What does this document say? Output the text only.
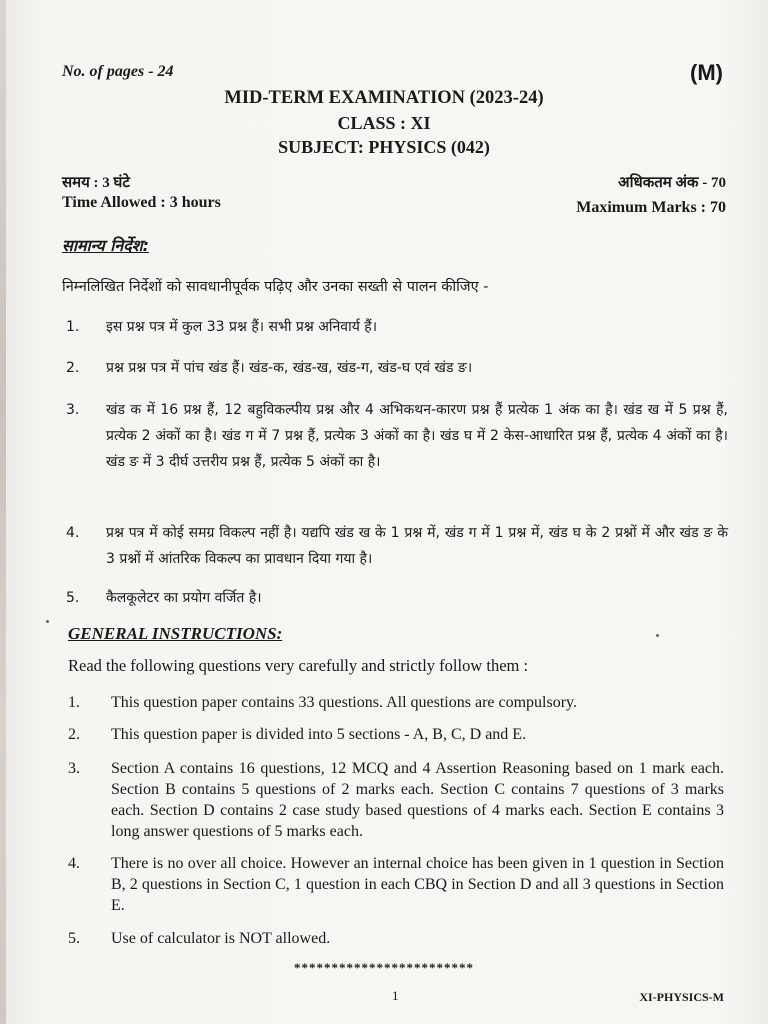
No. of pages - 24	(M)
MID-TERM EXAMINATION (2023-24)
CLASS : XI
SUBJECT: PHYSICS (042)
समय : 3 घंटे
Time Allowed : 3 hours
अधिकतम अंक - 70
Maximum Marks : 70
सामान्य निर्देश:
निम्नलिखित निर्देशों को सावधानीपूर्वक पढ़िए और उनका सख्ती से पालन कीजिए -
1. इस प्रश्न पत्र में कुल 33 प्रश्न हैं। सभी प्रश्न अनिवार्य हैं।
2. प्रश्न प्रश्न पत्र में पांच खंड हैं। खंड-क, खंड-ख, खंड-ग, खंड-घ एवं खंड ङ।
3. खंड क में 16 प्रश्न हैं, 12 बहुविकल्पीय प्रश्न और 4 अभिकथन-कारण प्रश्न हैं प्रत्येक 1 अंक का है। खंड ख में 5 प्रश्न हैं, प्रत्येक 2 अंकों का है। खंड ग में 7 प्रश्न हैं, प्रत्येक 3 अंकों का है। खंड घ में 2 केस-आधारित प्रश्न हैं, प्रत्येक 4 अंकों का है। खंड ङ में 3 दीर्घ उत्तरीय प्रश्न हैं, प्रत्येक 5 अंकों का है।
4. प्रश्न पत्र में कोई समग्र विकल्प नहीं है। यद्यपि खंड ख के 1 प्रश्न में, खंड ग में 1 प्रश्न में, खंड घ के 2 प्रश्नों में और खंड ङ के 3 प्रश्नों में आंतरिक विकल्प का प्रावधान दिया गया है।
5. कैलकूलेटर का प्रयोग वर्जित है।
GENERAL INSTRUCTIONS:
Read the following questions very carefully and strictly follow them :
1. This question paper contains 33 questions. All questions are compulsory.
2. This question paper is divided into 5 sections - A, B, C, D and E.
3. Section A contains 16 questions, 12 MCQ and 4 Assertion Reasoning based on 1 mark each. Section B contains 5 questions of 2 marks each. Section C contains 7 questions of 3 marks each. Section D contains 2 case study based questions of 4 marks each. Section E contains 3 long answer questions of 5 marks each.
4. There is no over all choice. However an internal choice has been given in 1 question in Section B, 2 questions in Section C, 1 question in each CBQ in Section D and all 3 questions in Section E.
5. Use of calculator is NOT allowed.
************************
1	XI-PHYSICS-M
